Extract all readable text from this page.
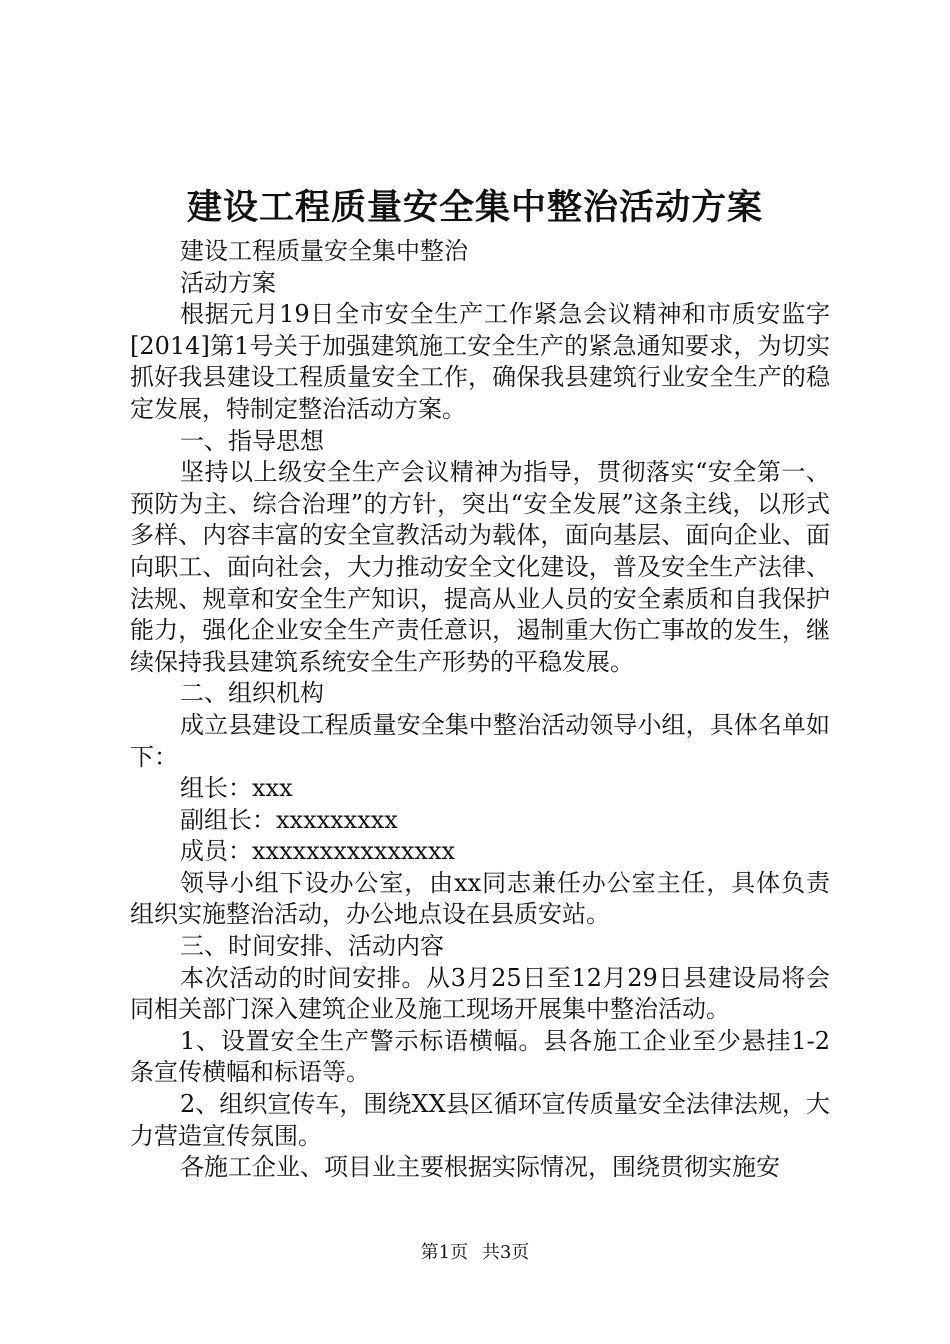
建设工程质量安全集中整治活动方案

建设工程质量安全集中整治

活动方案

根据元月19日全市安全生产工作紧急会议精神和市质安监字[2014]第1号关于加强建筑施工安全生产的紧急通知要求，为切实抓好我县建设工程质量安全工作，确保我县建筑行业安全生产的稳定发展，特制定整治活动方案。

一、指导思想

坚持以上级安全生产会议精神为指导，贯彻落实“安全第一、预防为主、综合治理”的方针，突出“安全发展”这条主线，以形式多样、内容丰富的安全宣教活动为载体，面向基层、面向企业、面向职工、面向社会，大力推动安全文化建设，普及安全生产法律、法规、规章和安全生产知识，提高从业人员的安全素质和自我保护能力，强化企业安全生产责任意识，遏制重大伤亡事故的发生，继续保持我县建筑系统安全生产形势的平稳发展。

二、组织机构

成立县建设工程质量安全集中整治活动领导小组，具体名单如下：

组长：xxx

副组长：xxxxxxxxx

成员：xxxxxxxxxxxxxxx

领导小组下设办公室，由xx同志兼任办公室主任，具体负责组织实施整治活动，办公地点设在县质安站。

三、时间安排、活动内容

本次活动的时间安排。从3月25日至12月29日县建设局将会同相关部门深入建筑企业及施工现场开展集中整治活动。

1、设置安全生产警示标语横幅。县各施工企业至少悬挂1-2条宣传横幅和标语等。

2、组织宣传车，围绕XX县区循环宣传质量安全法律法规，大力营造宣传氛围。

各施工企业、项目业主要根据实际情况，围绕贯彻实施安

第1页 共3页
